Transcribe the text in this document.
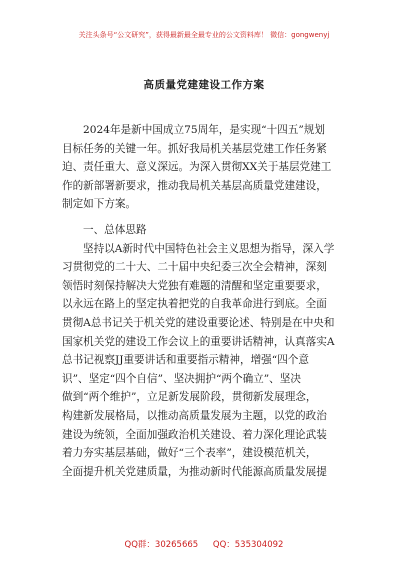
关注头条号“公文研究”，获得最新最全最专业的公文资料库！ 微信：gongwenyj
高质量党建建设工作方案
2024年是新中国成立75周年，是实现“十四五”规划
目标任务的关键一年。抓好我局机关基层党建工作任务紧
迫、责任重大、意义深远。为深入贯彻XX关于基层党建工
作的新部署新要求，推动我局机关基层高质量党建建设，
制定如下方案。
一、总体思路
坚持以A新时代中国特色社会主义思想为指导，深入学
习贯彻党的二十大、二十届中央纪委三次全会精神，深刻
领悟时刻保持解决大党独有难题的清醒和坚定重要要求，
以永远在路上的坚定执着把党的自我革命进行到底。全面
贯彻A总书记关于机关党的建设重要论述、特别是在中央和
国家机关党的建设工作会议上的重要讲话精神，认真落实A
总书记视察JJ重要讲话和重要指示精神，增强“四个意
识”、坚定“四个自信”、坚决拥护“两个确立”、坚决
做到“两个维护”，立足新发展阶段，贯彻新发展理念，
构建新发展格局，以推动高质量发展为主题，以党的政治
建设为统领，全面加强政治机关建设、着力深化理论武装
着力夯实基层基础，做好“三个表率”，建设模范机关，
全面提升机关党建质量，为推动新时代能源高质量发展提
QQ群：30265665 QQ：535304092
